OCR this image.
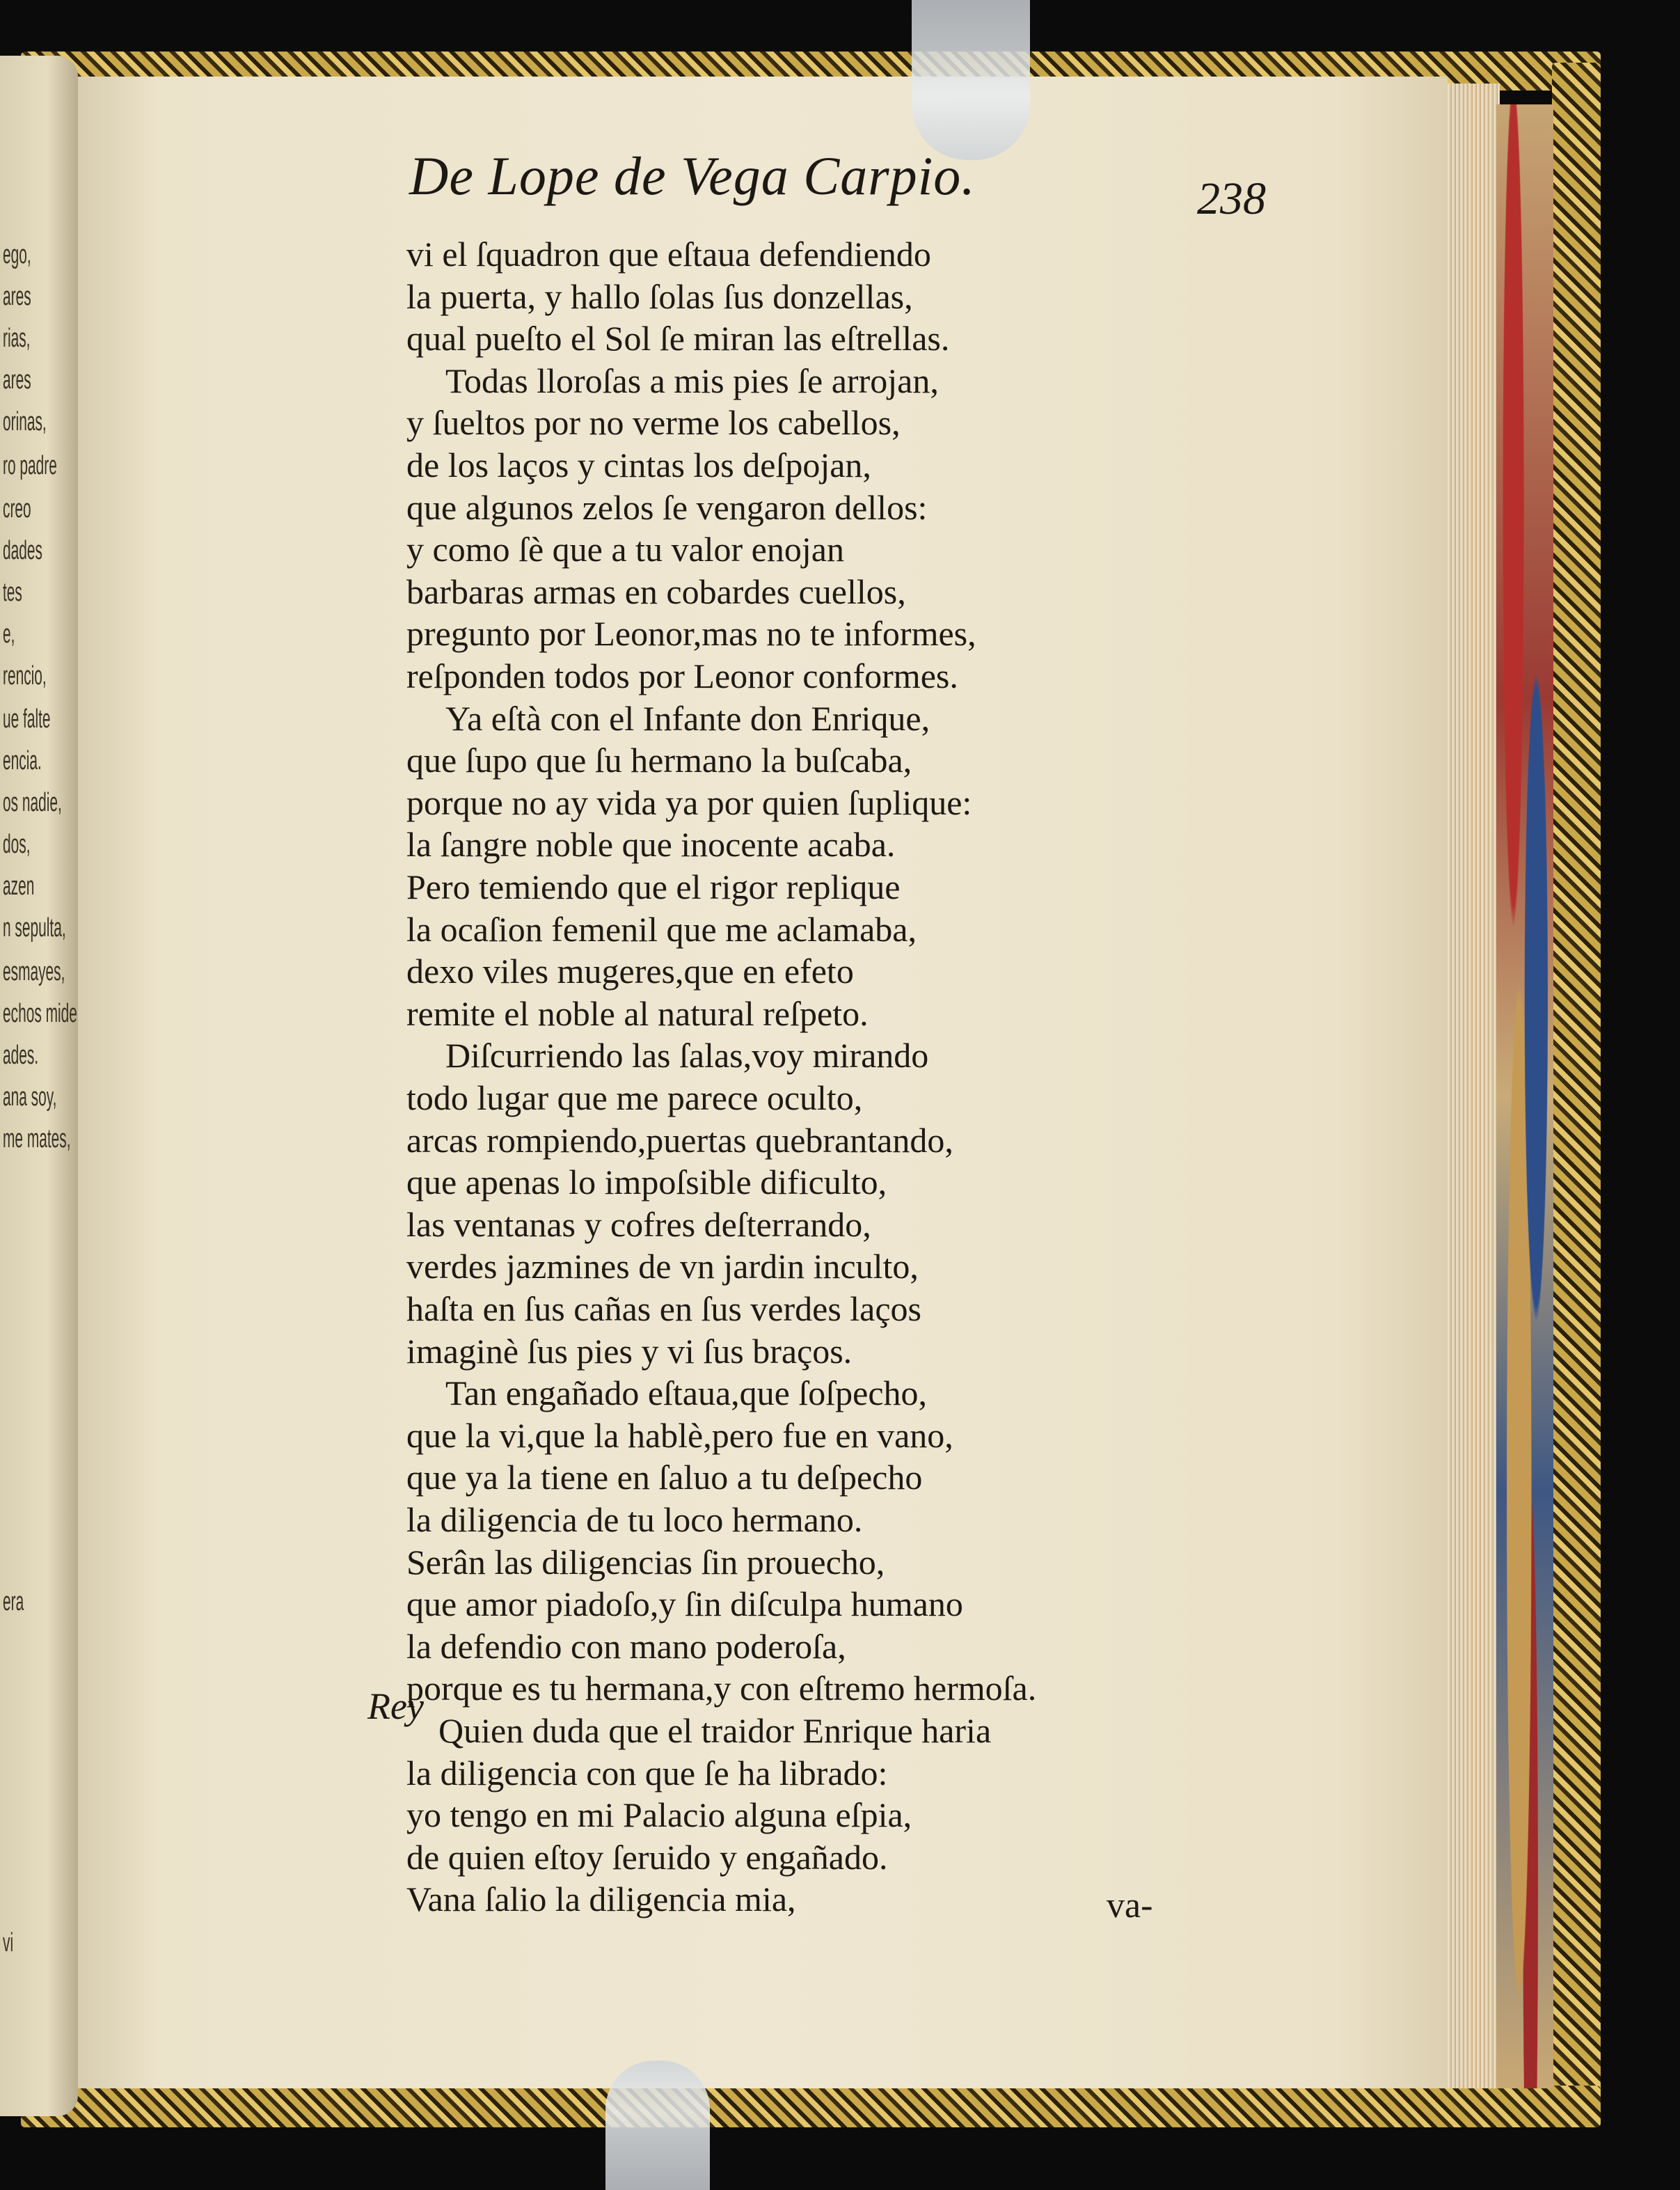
ego,
ares
rias,
ares
orinas,
ro padre
creo
dades
tes
e,
rencio,
ue falte
encia.
os nadie,
dos,
azen
n sepulta,
esmayes,
echos mide
ades.
ana soy,
me mates,
era
vi
De Lope de Vega Carpio.	238
vi el ſquadron que eſtaua defendiendo
la puerta, y hallo ſolas ſus donzellas,
qual pueſto el Sol ſe miran las eſtrellas.
Todas lloroſas a mis pies ſe arrojan,
y ſueltos por no verme los cabellos,
de los laços y cintas los deſpojan,
que algunos zelos ſe vengaron dellos:
y como ſè que a tu valor enojan
barbaras armas en cobardes cuellos,
pregunto por Leonor,mas no te informes,
reſponden todos por Leonor conformes.
Ya eſtà con el Infante don Enrique,
que ſupo que ſu hermano la buſcaba,
porque no ay vida ya por quien ſuplique:
la ſangre noble que inocente acaba.
Pero temiendo que el rigor replique
la ocaſion femenil que me aclamaba,
dexo viles mugeres,que en efeto
remite el noble al natural reſpeto.
Diſcurriendo las ſalas,voy mirando
todo lugar que me parece oculto,
arcas rompiendo,puertas quebrantando,
que apenas lo impoſsible dificulto,
las ventanas y cofres deſterrando,
verdes jazmines de vn jardin inculto,
haſta en ſus cañas en ſus verdes laços
imaginè ſus pies y vi ſus braços.
Tan engañado eſtaua,que ſoſpecho,
que la vi,que la hablè,pero fue en vano,
que ya la tiene en ſaluo a tu deſpecho
la diligencia de tu loco hermano.
Serân las diligencias ſin prouecho,
que amor piadoſo,y ſin diſculpa humano
la defendio con mano poderoſa,
porque es tu hermana,y con eſtremo hermoſa.
Quien duda que el traidor Enrique haria
la diligencia con que ſe ha librado:
yo tengo en mi Palacio alguna eſpia,
de quien eſtoy ſeruido y engañado.
Vana ſalio la diligencia mia,
Rey
va-
